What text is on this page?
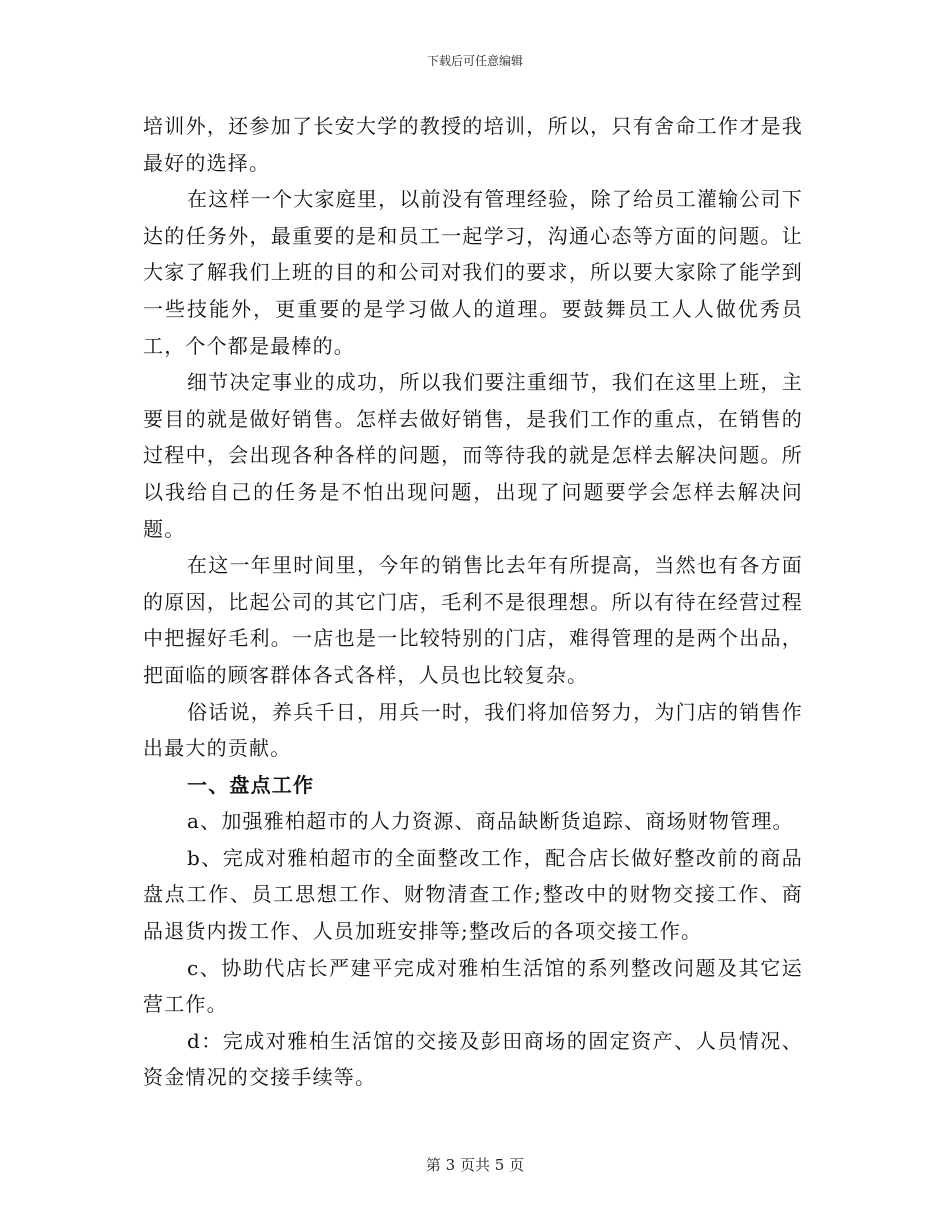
下载后可任意编辑

培训外，还参加了长安大学的教授的培训，所以，只有舍命工作才是我最好的选择。

在这样一个大家庭里，以前没有管理经验，除了给员工灌输公司下达的任务外，最重要的是和员工一起学习，沟通心态等方面的问题。让大家了解我们上班的目的和公司对我们的要求，所以要大家除了能学到一些技能外，更重要的是学习做人的道理。要鼓舞员工人人做优秀员工，个个都是最棒的。

细节决定事业的成功，所以我们要注重细节，我们在这里上班，主要目的就是做好销售。怎样去做好销售，是我们工作的重点，在销售的过程中，会出现各种各样的问题，而等待我的就是怎样去解决问题。所以我给自己的任务是不怕出现问题，出现了问题要学会怎样去解决问题。

在这一年里时间里，今年的销售比去年有所提高，当然也有各方面的原因，比起公司的其它门店，毛利不是很理想。所以有待在经营过程中把握好毛利。一店也是一比较特别的门店，难得管理的是两个出品，把面临的顾客群体各式各样，人员也比较复杂。

俗话说，养兵千日，用兵一时，我们将加倍努力，为门店的销售作出最大的贡献。

一、盘点工作

a、加强雅柏超市的人力资源、商品缺断货追踪、商场财物管理。

b、完成对雅柏超市的全面整改工作，配合店长做好整改前的商品盘点工作、员工思想工作、财物清查工作;整改中的财物交接工作、商品退货内拨工作、人员加班安排等;整改后的各项交接工作。

c、协助代店长严建平完成对雅柏生活馆的系列整改问题及其它运营工作。

d：完成对雅柏生活馆的交接及彭田商场的固定资产、人员情况、资金情况的交接手续等。

第 3 页共 5 页
